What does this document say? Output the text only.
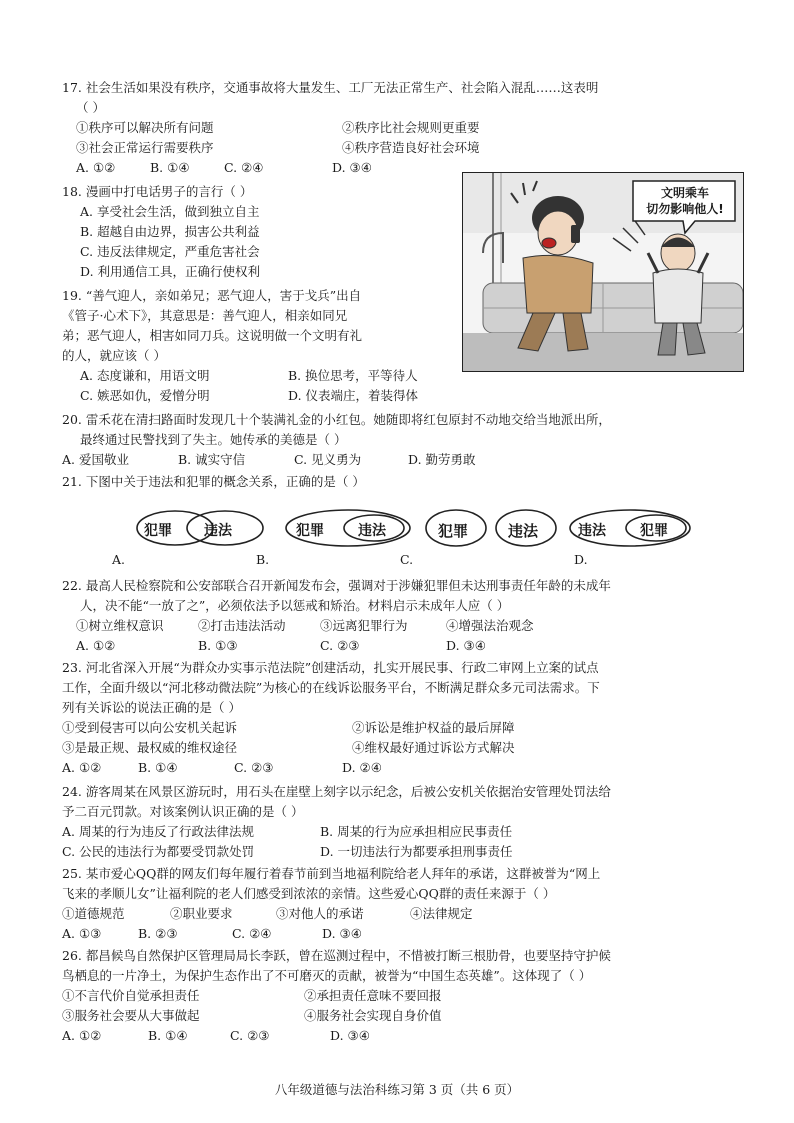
17. 社会生活如果没有秩序，交通事故将大量发生、工厂无法正常生产、社会陷入混乱……这表明
（ ）
①秩序可以解决所有问题	②秩序比社会规则更重要
③社会正常运行需要秩序	④秩序营造良好社会环境
A. ①②	B. ①④	C. ②④	D. ③④
18. 漫画中打电话男子的言行（ ）
A. 享受社会生活，做到独立自主
B. 超越自由边界，损害公共利益
C. 违反法律规定，严重危害社会
D. 利用通信工具，正确行使权利
文明乘车
切勿影响他人!
19. “善气迎人，亲如弟兄；恶气迎人，害于戈兵”出自
《管子·心术下》，其意思是：善气迎人，相亲如同兄
弟；恶气迎人，相害如同刀兵。这说明做一个文明有礼
的人，就应该（ ）
A. 态度谦和，用语文明	B. 换位思考，平等待人
C. 嫉恶如仇，爱憎分明	D. 仪表端庄，着装得体
20. 雷禾花在清扫路面时发现几十个装满礼金的小红包。她随即将红包原封不动地交给当地派出所，
最终通过民警找到了失主。她传承的美德是（ ）
A. 爱国敬业	B. 诚实守信	C. 见义勇为	D. 勤劳勇敢
21. 下图中关于违法和犯罪的概念关系，正确的是（ ）
犯罪 违法
A.
犯罪 违法
B.
犯罪	违法
C.
违法 犯罪
D.
22. 最高人民检察院和公安部联合召开新闻发布会，强调对于涉嫌犯罪但未达刑事责任年龄的未成年
人，决不能“一放了之”，必须依法予以惩戒和矫治。材料启示未成年人应（ ）
①树立维权意识	②打击违法活动	③远离犯罪行为	④增强法治观念
A. ①②	B. ①③	C. ②③	D. ③④
23. 河北省深入开展“为群众办实事示范法院”创建活动，扎实开展民事、行政二审网上立案的试点
工作，全面升级以“河北移动微法院”为核心的在线诉讼服务平台，不断满足群众多元司法需求。下
列有关诉讼的说法正确的是（ ）
①受到侵害可以向公安机关起诉	②诉讼是维护权益的最后屏障
③是最正规、最权威的维权途径	④维权最好通过诉讼方式解决
A. ①②	B. ①④	C. ②③	D. ②④
24. 游客周某在风景区游玩时，用石头在崖壁上刻字以示纪念，后被公安机关依据治安管理处罚法给
予二百元罚款。对该案例认识正确的是（ ）
A. 周某的行为违反了行政法律法规	B. 周某的行为应承担相应民事责任
C. 公民的违法行为都要受罚款处罚	D. 一切违法行为都要承担刑事责任
25. 某市爱心QQ群的网友们每年履行着春节前到当地福利院给老人拜年的承诺，这群被誉为“网上
飞来的孝顺儿女”让福利院的老人们感受到浓浓的亲情。这些爱心QQ群的责任来源于（ ）
①道德规范	②职业要求	③对他人的承诺	④法律规定
A. ①③	B. ②③	C. ②④	D. ③④
26. 都昌候鸟自然保护区管理局局长李跃，曾在巡测过程中，不惜被打断三根肋骨，也要坚持守护候
鸟栖息的一片净土，为保护生态作出了不可磨灭的贡献，被誉为“中国生态英雄”。这体现了（ ）
①不言代价自觉承担责任	②承担责任意味不要回报
③服务社会要从大事做起	④服务社会实现自身价值
A. ①②	B. ①④	C. ②③	D. ③④
八年级道德与法治科练习第 3 页（共 6 页）
